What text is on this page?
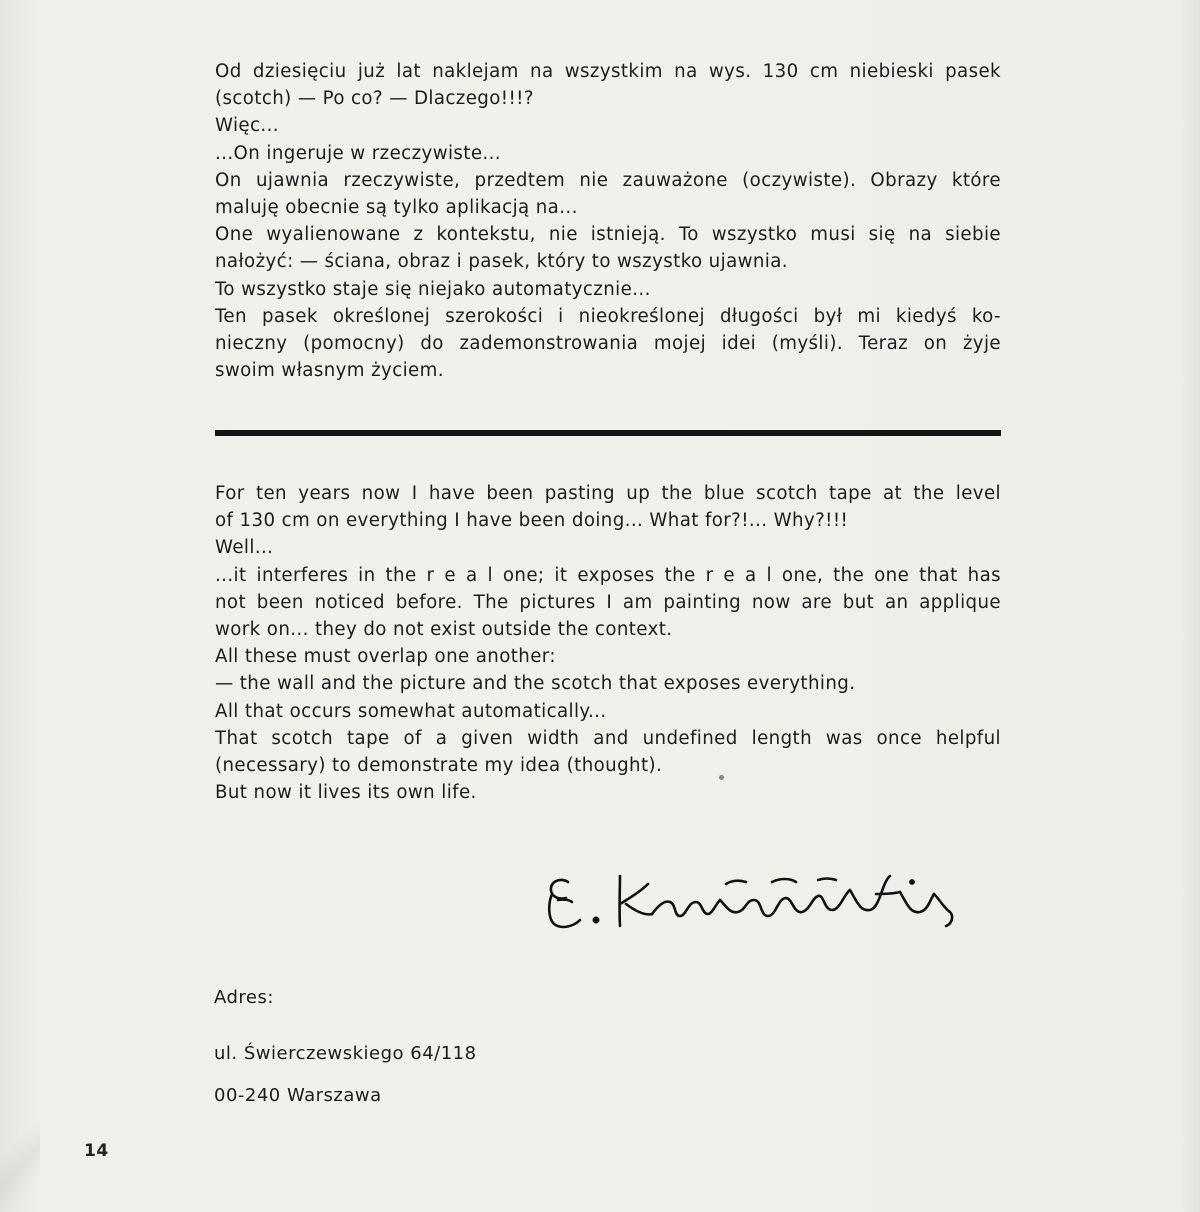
Od dziesięciu już lat naklejam na wszystkim na wys. 130 cm niebieski pasek
(scotch) — Po co? — Dlaczego!!!?
Więc...
...On ingeruje w rzeczywiste...
On ujawnia rzeczywiste, przedtem nie zauważone (oczywiste). Obrazy które
maluję obecnie są tylko aplikacją na...
One wyalienowane z kontekstu, nie istnieją. To wszystko musi się na siebie
nałożyć: — ściana, obraz i pasek, który to wszystko ujawnia.
To wszystko staje się niejako automatycznie...
Ten pasek określonej szerokości i nieokreślonej długości był mi kiedyś ko-
nieczny (pomocny) do zademonstrowania mojej idei (myśli). Teraz on żyje
swoim własnym życiem.
For ten years now I have been pasting up the blue scotch tape at the level
of 130 cm on everything I have been doing... What for?!... Why?!!!
Well...
...it interferes in the r e a l one; it exposes the r e a l one, the one that has
not been noticed before. The pictures I am painting now are but an applique
work on... they do not exist outside the context.
All these must overlap one another:
— the wall and the picture and the scotch that exposes everything.
All that occurs somewhat automatically...
That scotch tape of a given width and undefined length was once helpful
(necessary) to demonstrate my idea (thought).
But now it lives its own life.
Adres:
ul. Świerczewskiego 64/118
00-240 Warszawa
14
